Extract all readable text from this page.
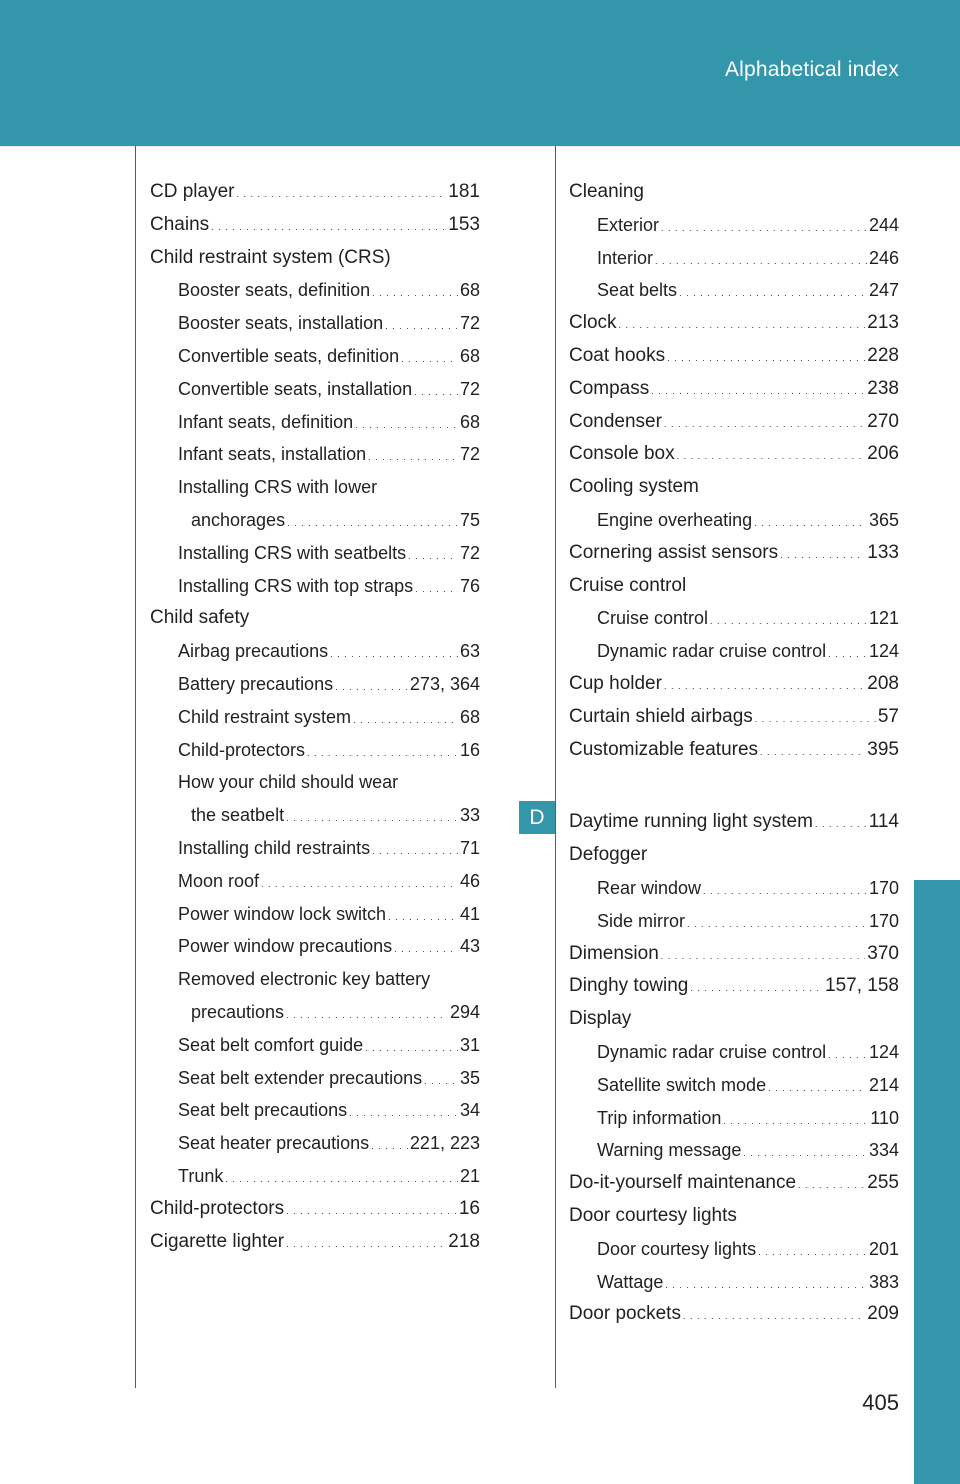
Alphabetical index
CD player . . .	181
Chains . . .	153
Child restraint system (CRS)
Booster seats, definition . . .	68
Booster seats, installation . . .	72
Convertible seats, definition . . .	68
Convertible seats, installation . . .	72
Infant seats, definition . . .	68
Infant seats, installation . . .	72
Installing CRS with lower
anchorages . . .	75
Installing CRS with seatbelts . . .	72
Installing CRS with top straps . . .	76
Child safety
Airbag precautions . . .	63
Battery precautions . . .	273, 364
Child restraint system . . .	68
Child-protectors . . .	16
How your child should wear
the seatbelt . . .	33
Installing child restraints . . .	71
Moon roof . . .	46
Power window lock switch . . .	41
Power window precautions . . .	43
Removed electronic key battery
precautions . . .	294
Seat belt comfort guide . . .	31
Seat belt extender precautions . . . 35
Seat belt precautions . . .	34
Seat heater precautions . . . 221, 223
Trunk . . .	21
Child-protectors . . .	16
Cigarette lighter . . .	218
Cleaning
Exterior . . .	244
Interior . . .	246
Seat belts . . .	247
Clock . . .	213
Coat hooks . . .	228
Compass . . .	238
Condenser . . .	270
Console box . . .	206
Cooling system
Engine overheating . . .	365
Cornering assist sensors . . .	133
Cruise control
Cruise control . . .	121
Dynamic radar cruise control . . . 124
Cup holder . . .	208
Curtain shield airbags . . .	57
Customizable features . . .	395
Daytime running light system . . .	114
Defogger
Rear window . . .	170
Side mirror . . .	170
Dimension . . .	370
Dinghy towing . . .	157, 158
Display
Dynamic radar cruise control . . . 124
Satellite switch mode . . .	214
Trip information . . .	110
Warning message . . .	334
Do-it-yourself maintenance . . .	255
Door courtesy lights
Door courtesy lights . . .	201
Wattage . . .	383
Door pockets . . .	209
D
405
